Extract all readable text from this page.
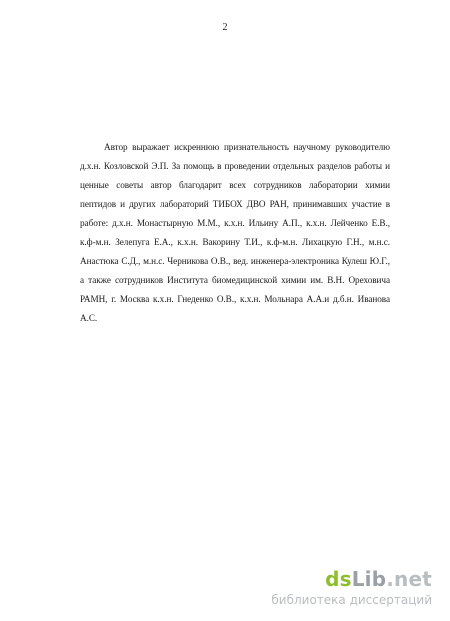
2

Автор выражает искреннюю признательность научному руководителю д.х.н. Козловской Э.П. За помощь в проведении отдельных разделов работы и ценные советы автор благодарит всех сотрудников лаборатории химии пептидов и других лабораторий ТИБОХ ДВО РАН, принимавших участие в работе: д.х.н. Монастырную М.М., к.х.н. Ильину А.П., к.х.н. Лейченко Е.В., к.ф-м.н. Зелепуга Е.А., к.х.н. Вакорину Т.И., к.ф-м.н. Лихацкую Г.Н., м.н.с. Анастюка С.Д., м.н.с. Черникова О.В., вед. инженера-электроника Кулеш Ю.Г., а также сотрудников Института биомедицинской химии им. В.Н. Ореховича РАМН, г. Москва к.х.н. Гнеденко О.В., к.х.н. Мольнара А.А.и д.б.н. Иванова А.С.

dsLib.net
библиотека диссертаций
